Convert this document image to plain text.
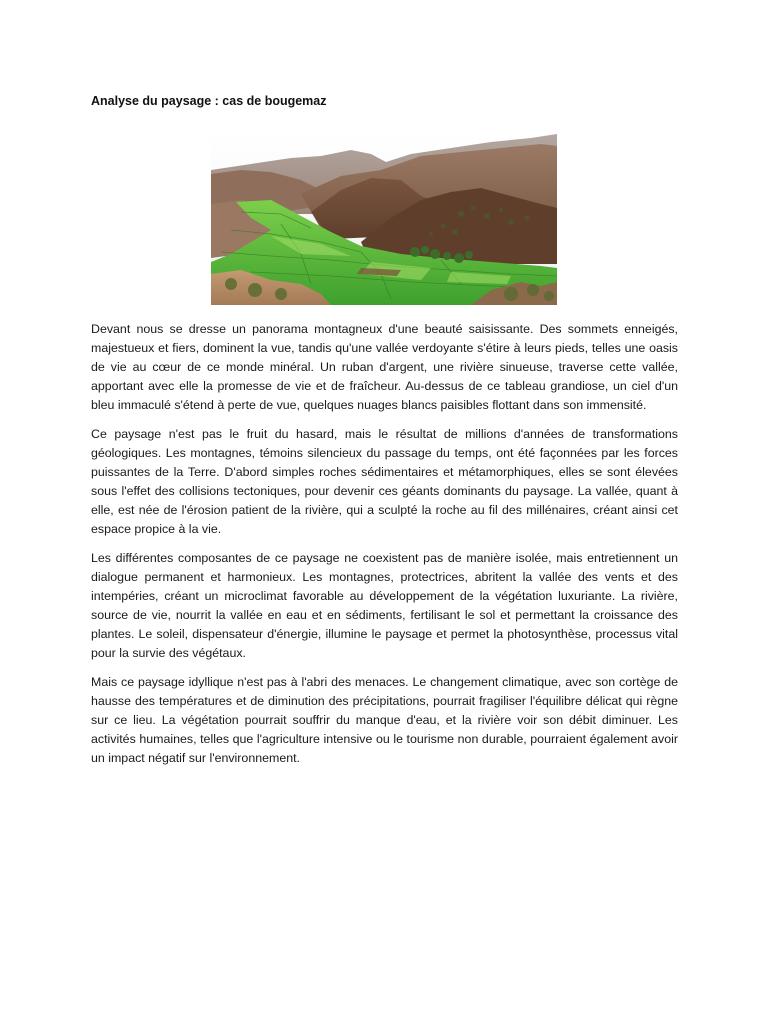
Analyse du paysage : cas de bougemaz

Devant nous se dresse un panorama montagneux d'une beauté saisissante. Des sommets enneigés, majestueux et fiers, dominent la vue, tandis qu'une vallée verdoyante s'étire à leurs pieds, telles une oasis de vie au cœur de ce monde minéral. Un ruban d'argent, une rivière sinueuse, traverse cette vallée, apportant avec elle la promesse de vie et de fraîcheur. Au-dessus de ce tableau grandiose, un ciel d'un bleu immaculé s'étend à perte de vue, quelques nuages blancs paisibles flottant dans son immensité.

Ce paysage n'est pas le fruit du hasard, mais le résultat de millions d'années de transformations géologiques. Les montagnes, témoins silencieux du passage du temps, ont été façonnées par les forces puissantes de la Terre. D'abord simples roches sédimentaires et métamorphiques, elles se sont élevées sous l'effet des collisions tectoniques, pour devenir ces géants dominants du paysage. La vallée, quant à elle, est née de l'érosion patient de la rivière, qui a sculpté la roche au fil des millénaires, créant ainsi cet espace propice à la vie.

Les différentes composantes de ce paysage ne coexistent pas de manière isolée, mais entretiennent un dialogue permanent et harmonieux. Les montagnes, protectrices, abritent la vallée des vents et des intempéries, créant un microclimat favorable au développement de la végétation luxuriante. La rivière, source de vie, nourrit la vallée en eau et en sédiments, fertilisant le sol et permettant la croissance des plantes. Le soleil, dispensateur d'énergie, illumine le paysage et permet la photosynthèse, processus vital pour la survie des végétaux.

Mais ce paysage idyllique n'est pas à l'abri des menaces. Le changement climatique, avec son cortège de hausse des températures et de diminution des précipitations, pourrait fragiliser l'équilibre délicat qui règne sur ce lieu. La végétation pourrait souffrir du manque d'eau, et la rivière voir son débit diminuer. Les activités humaines, telles que l'agriculture intensive ou le tourisme non durable, pourraient également avoir un impact négatif sur l'environnement.
